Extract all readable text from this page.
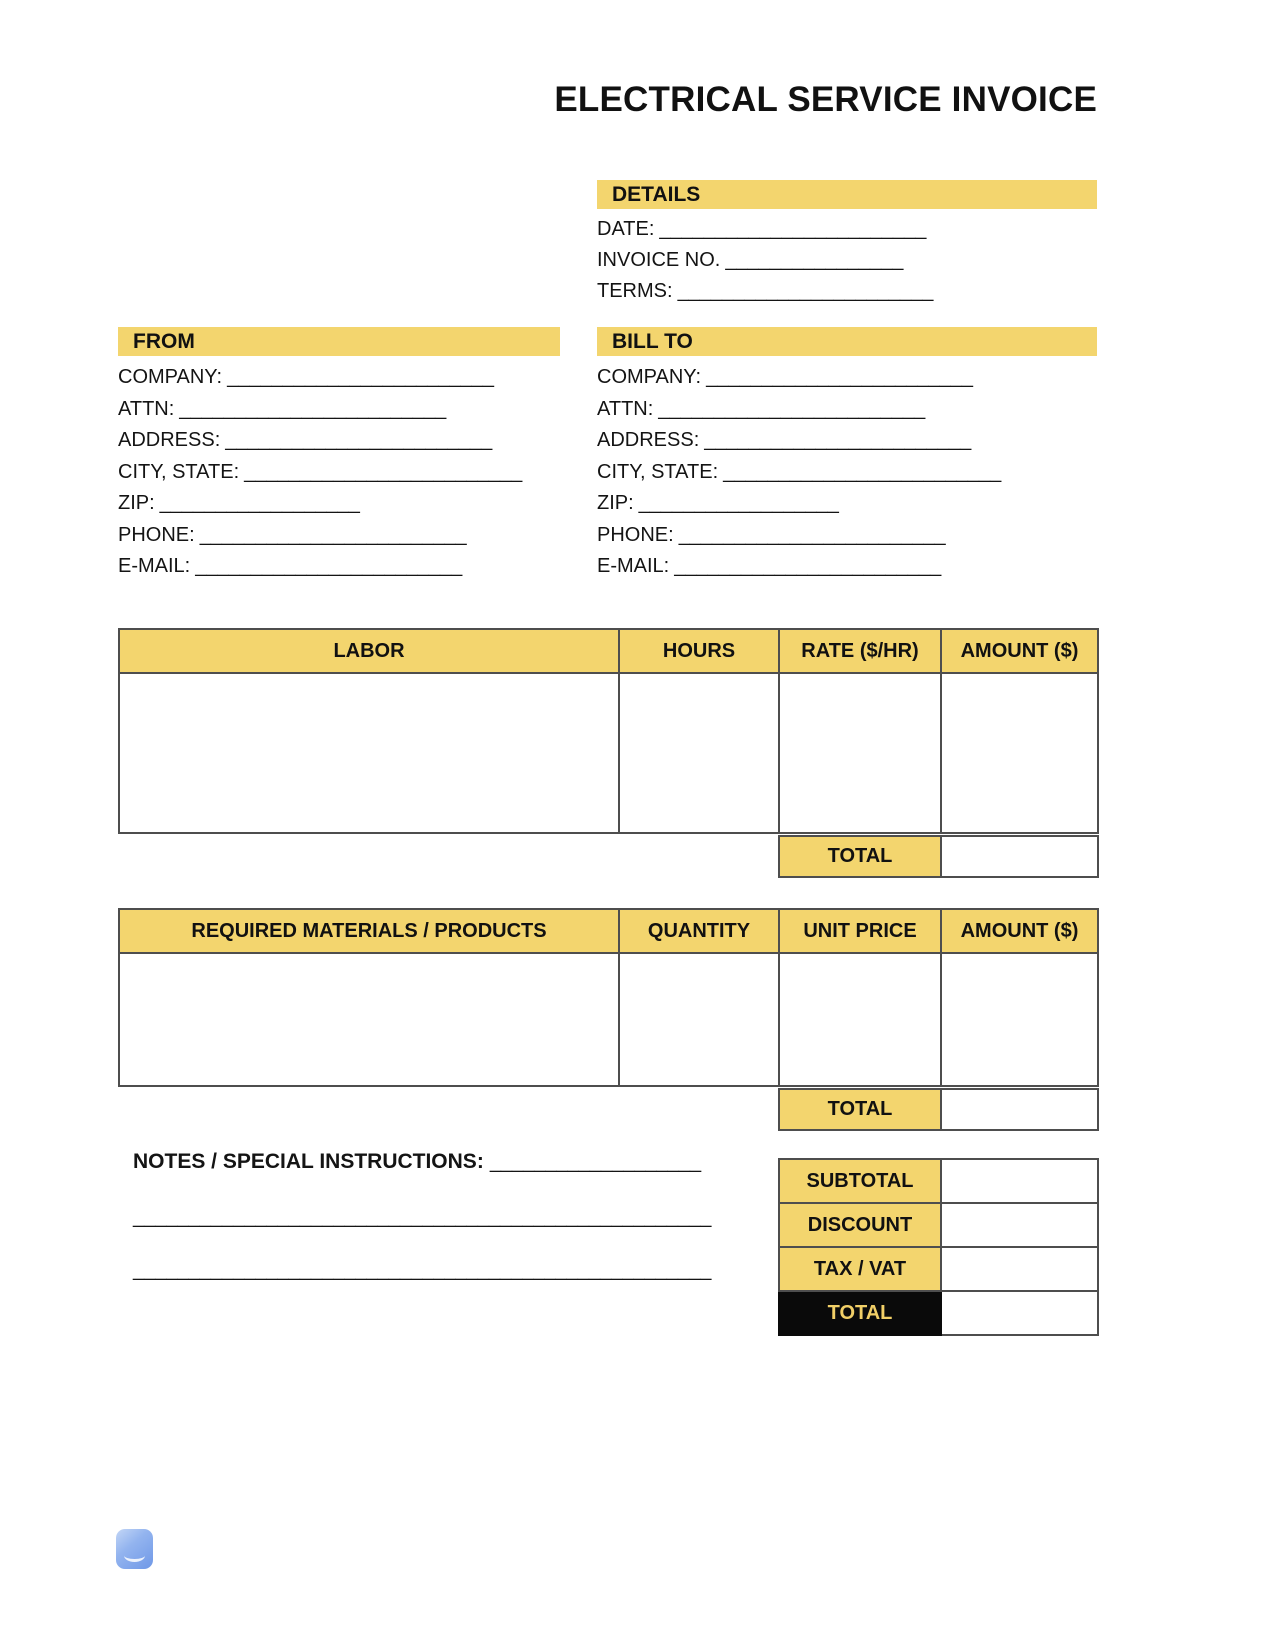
ELECTRICAL SERVICE INVOICE
DETAILS
DATE: ________________________
INVOICE NO. ________________
TERMS: _______________________
FROM
COMPANY: ________________________
ATTN: ________________________
ADDRESS: ________________________
CITY, STATE: _________________________
ZIP: __________________
PHONE: ________________________
E-MAIL: ________________________
BILL TO
COMPANY: ________________________
ATTN: ________________________
ADDRESS: ________________________
CITY, STATE: _________________________
ZIP: __________________
PHONE: ________________________
E-MAIL: ________________________
LABOR	HOURS	RATE ($/HR)	AMOUNT ($)

TOTAL	
REQUIRED MATERIALS / PRODUCTS	QUANTITY	UNIT PRICE	AMOUNT ($)

TOTAL	
NOTES / SPECIAL INSTRUCTIONS: ___________________
____________________________________________________
____________________________________________________
SUBTOTAL	
DISCOUNT	
TAX / VAT	
TOTAL	
